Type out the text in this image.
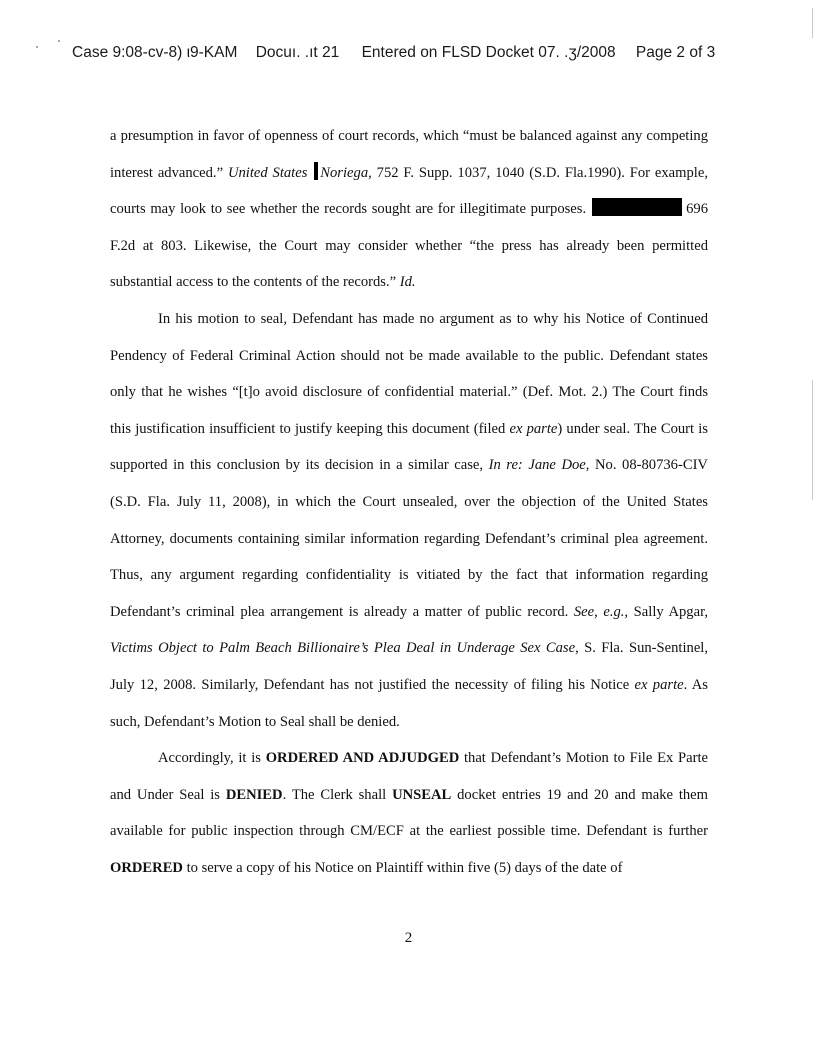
Case 9:08-cv-8) ι9-KAM Docuı. .ıt 21 Entered on FLSD Docket 07. .ʒ/2008 Page 2 of 3

a presumption in favor of openness of court records, which “must be balanced against any competing interest advanced.” United States Noriega, 752 F. Supp. 1037, 1040 (S.D. Fla.1990). For example, courts may look to see whether the records sought are for illegitimate purposes.	696 F.2d at 803. Likewise, the Court may consider whether “the press has already been permitted substantial access to the contents of the records.” Id.

In his motion to seal, Defendant has made no argument as to why his Notice of Continued Pendency of Federal Criminal Action should not be made available to the public. Defendant states only that he wishes “[t]o avoid disclosure of confidential material.” (Def. Mot. 2.) The Court finds this justification insufficient to justify keeping this document (filed ex parte) under seal. The Court is supported in this conclusion by its decision in a similar case, In re: Jane Doe, No. 08-80736-CIV (S.D. Fla. July 11, 2008), in which the Court unsealed, over the objection of the United States Attorney, documents containing similar information regarding Defendant’s criminal plea agreement. Thus, any argument regarding confidentiality is vitiated by the fact that information regarding Defendant’s criminal plea arrangement is already a matter of public record. See, e.g., Sally Apgar, Victims Object to Palm Beach Billionaire’s Plea Deal in Underage Sex Case, S. Fla. Sun-Sentinel, July 12, 2008. Similarly, Defendant has not justified the necessity of filing his Notice ex parte. As such, Defendant’s Motion to Seal shall be denied.

Accordingly, it is ORDERED AND ADJUDGED that Defendant’s Motion to File Ex Parte and Under Seal is DENIED. The Clerk shall UNSEAL docket entries 19 and 20 and make them available for public inspection through CM/ECF at the earliest possible time. Defendant is further ORDERED to serve a copy of his Notice on Plaintiff within five (5) days of the date of

2
